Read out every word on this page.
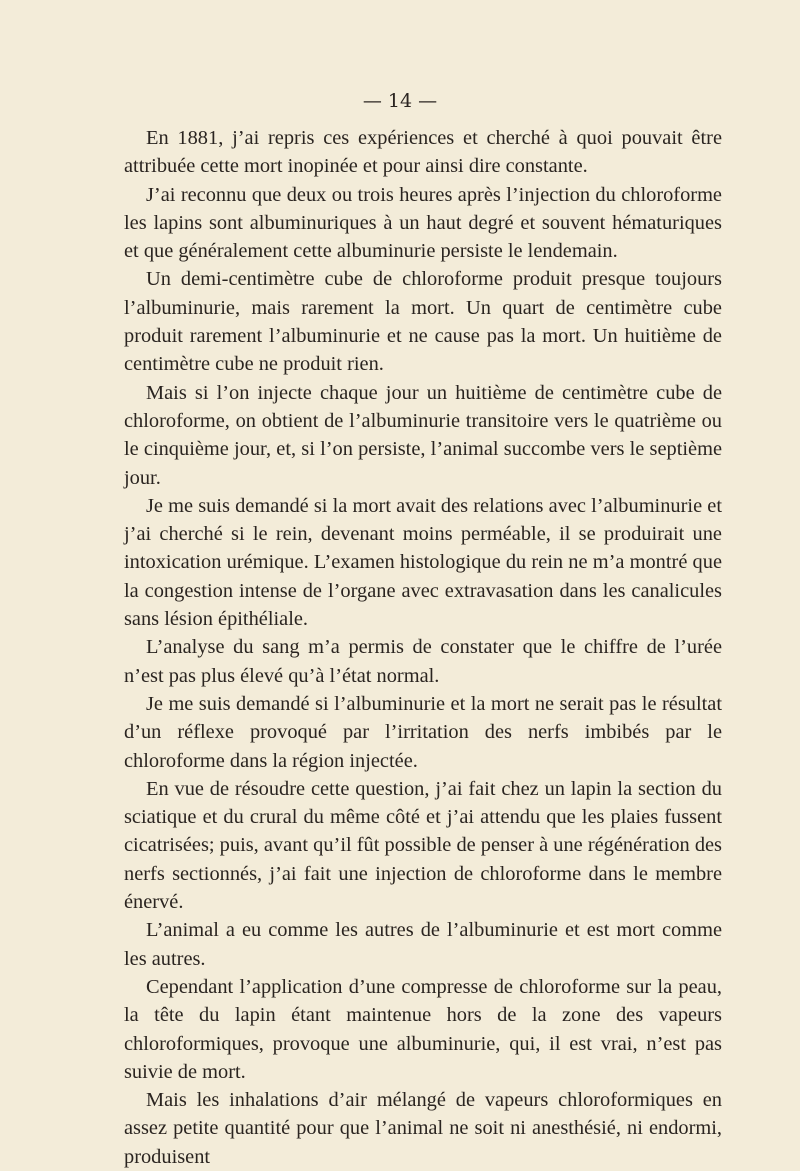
— 14 —

En 1881, j’ai repris ces expériences et cherché à quoi pouvait être attribuée cette mort inopinée et pour ainsi dire constante.

J’ai reconnu que deux ou trois heures après l’injection du chloroforme les lapins sont albuminuriques à un haut degré et souvent hématuriques et que généralement cette albuminurie persiste le lendemain.

Un demi-centimètre cube de chloroforme produit presque toujours l’albuminurie, mais rarement la mort. Un quart de centimètre cube produit rarement l’albuminurie et ne cause pas la mort. Un huitième de centimètre cube ne produit rien.

Mais si l’on injecte chaque jour un huitième de centimètre cube de chloroforme, on obtient de l’albuminurie transitoire vers le quatrième ou le cinquième jour, et, si l’on persiste, l’animal succombe vers le septième jour.

Je me suis demandé si la mort avait des relations avec l’albuminurie et j’ai cherché si le rein, devenant moins perméable, il se produirait une intoxication urémique. L’examen histologique du rein ne m’a montré que la congestion intense de l’organe avec extravasation dans les canalicules sans lésion épithéliale.

L’analyse du sang m’a permis de constater que le chiffre de l’urée n’est pas plus élevé qu’à l’état normal.

Je me suis demandé si l’albuminurie et la mort ne serait pas le résultat d’un réflexe provoqué par l’irritation des nerfs imbibés par le chloroforme dans la région injectée.

En vue de résoudre cette question, j’ai fait chez un lapin la section du sciatique et du crural du même côté et j’ai attendu que les plaies fussent cicatrisées; puis, avant qu’il fût possible de penser à une régénération des nerfs sectionnés, j’ai fait une injection de chloroforme dans le membre énervé.

L’animal a eu comme les autres de l’albuminurie et est mort comme les autres.

Cependant l’application d’une compresse de chloroforme sur la peau, la tête du lapin étant maintenue hors de la zone des vapeurs chloroformiques, provoque une albuminurie, qui, il est vrai, n’est pas suivie de mort.

Mais les inhalations d’air mélangé de vapeurs chloroformiques en assez petite quantité pour que l’animal ne soit ni anesthésié, ni endormi, produisent
